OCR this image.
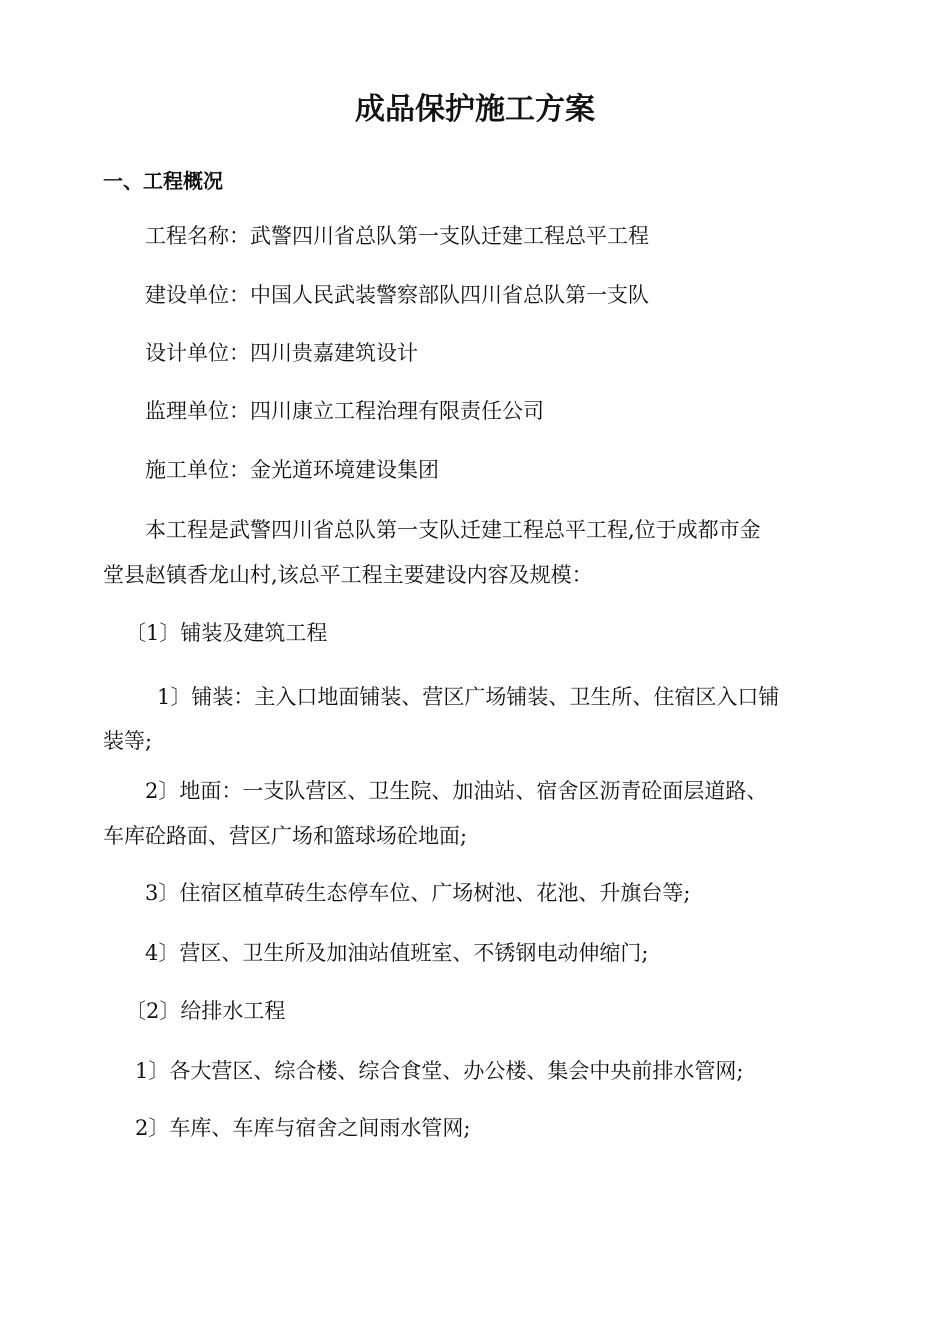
成品保护施工方案
一、工程概况
工程名称：武警四川省总队第一支队迁建工程总平工程
建设单位：中国人民武装警察部队四川省总队第一支队
设计单位：四川贵嘉建筑设计
监理单位：四川康立工程治理有限责任公司
施工单位：金光道环境建设集团
本工程是武警四川省总队第一支队迁建工程总平工程,位于成都市金
堂县赵镇香龙山村,该总平工程主要建设内容及规模：
〔1〕铺装及建筑工程
1〕铺装：主入口地面铺装、营区广场铺装、卫生所、住宿区入口铺
装等;
2〕地面：一支队营区、卫生院、加油站、宿舍区沥青砼面层道路、
车库砼路面、营区广场和篮球场砼地面;
3〕住宿区植草砖生态停车位、广场树池、花池、升旗台等;
4〕营区、卫生所及加油站值班室、不锈钢电动伸缩门;
〔2〕给排水工程
1〕各大营区、综合楼、综合食堂、办公楼、集会中央前排水管网;
2〕车库、车库与宿舍之间雨水管网;
